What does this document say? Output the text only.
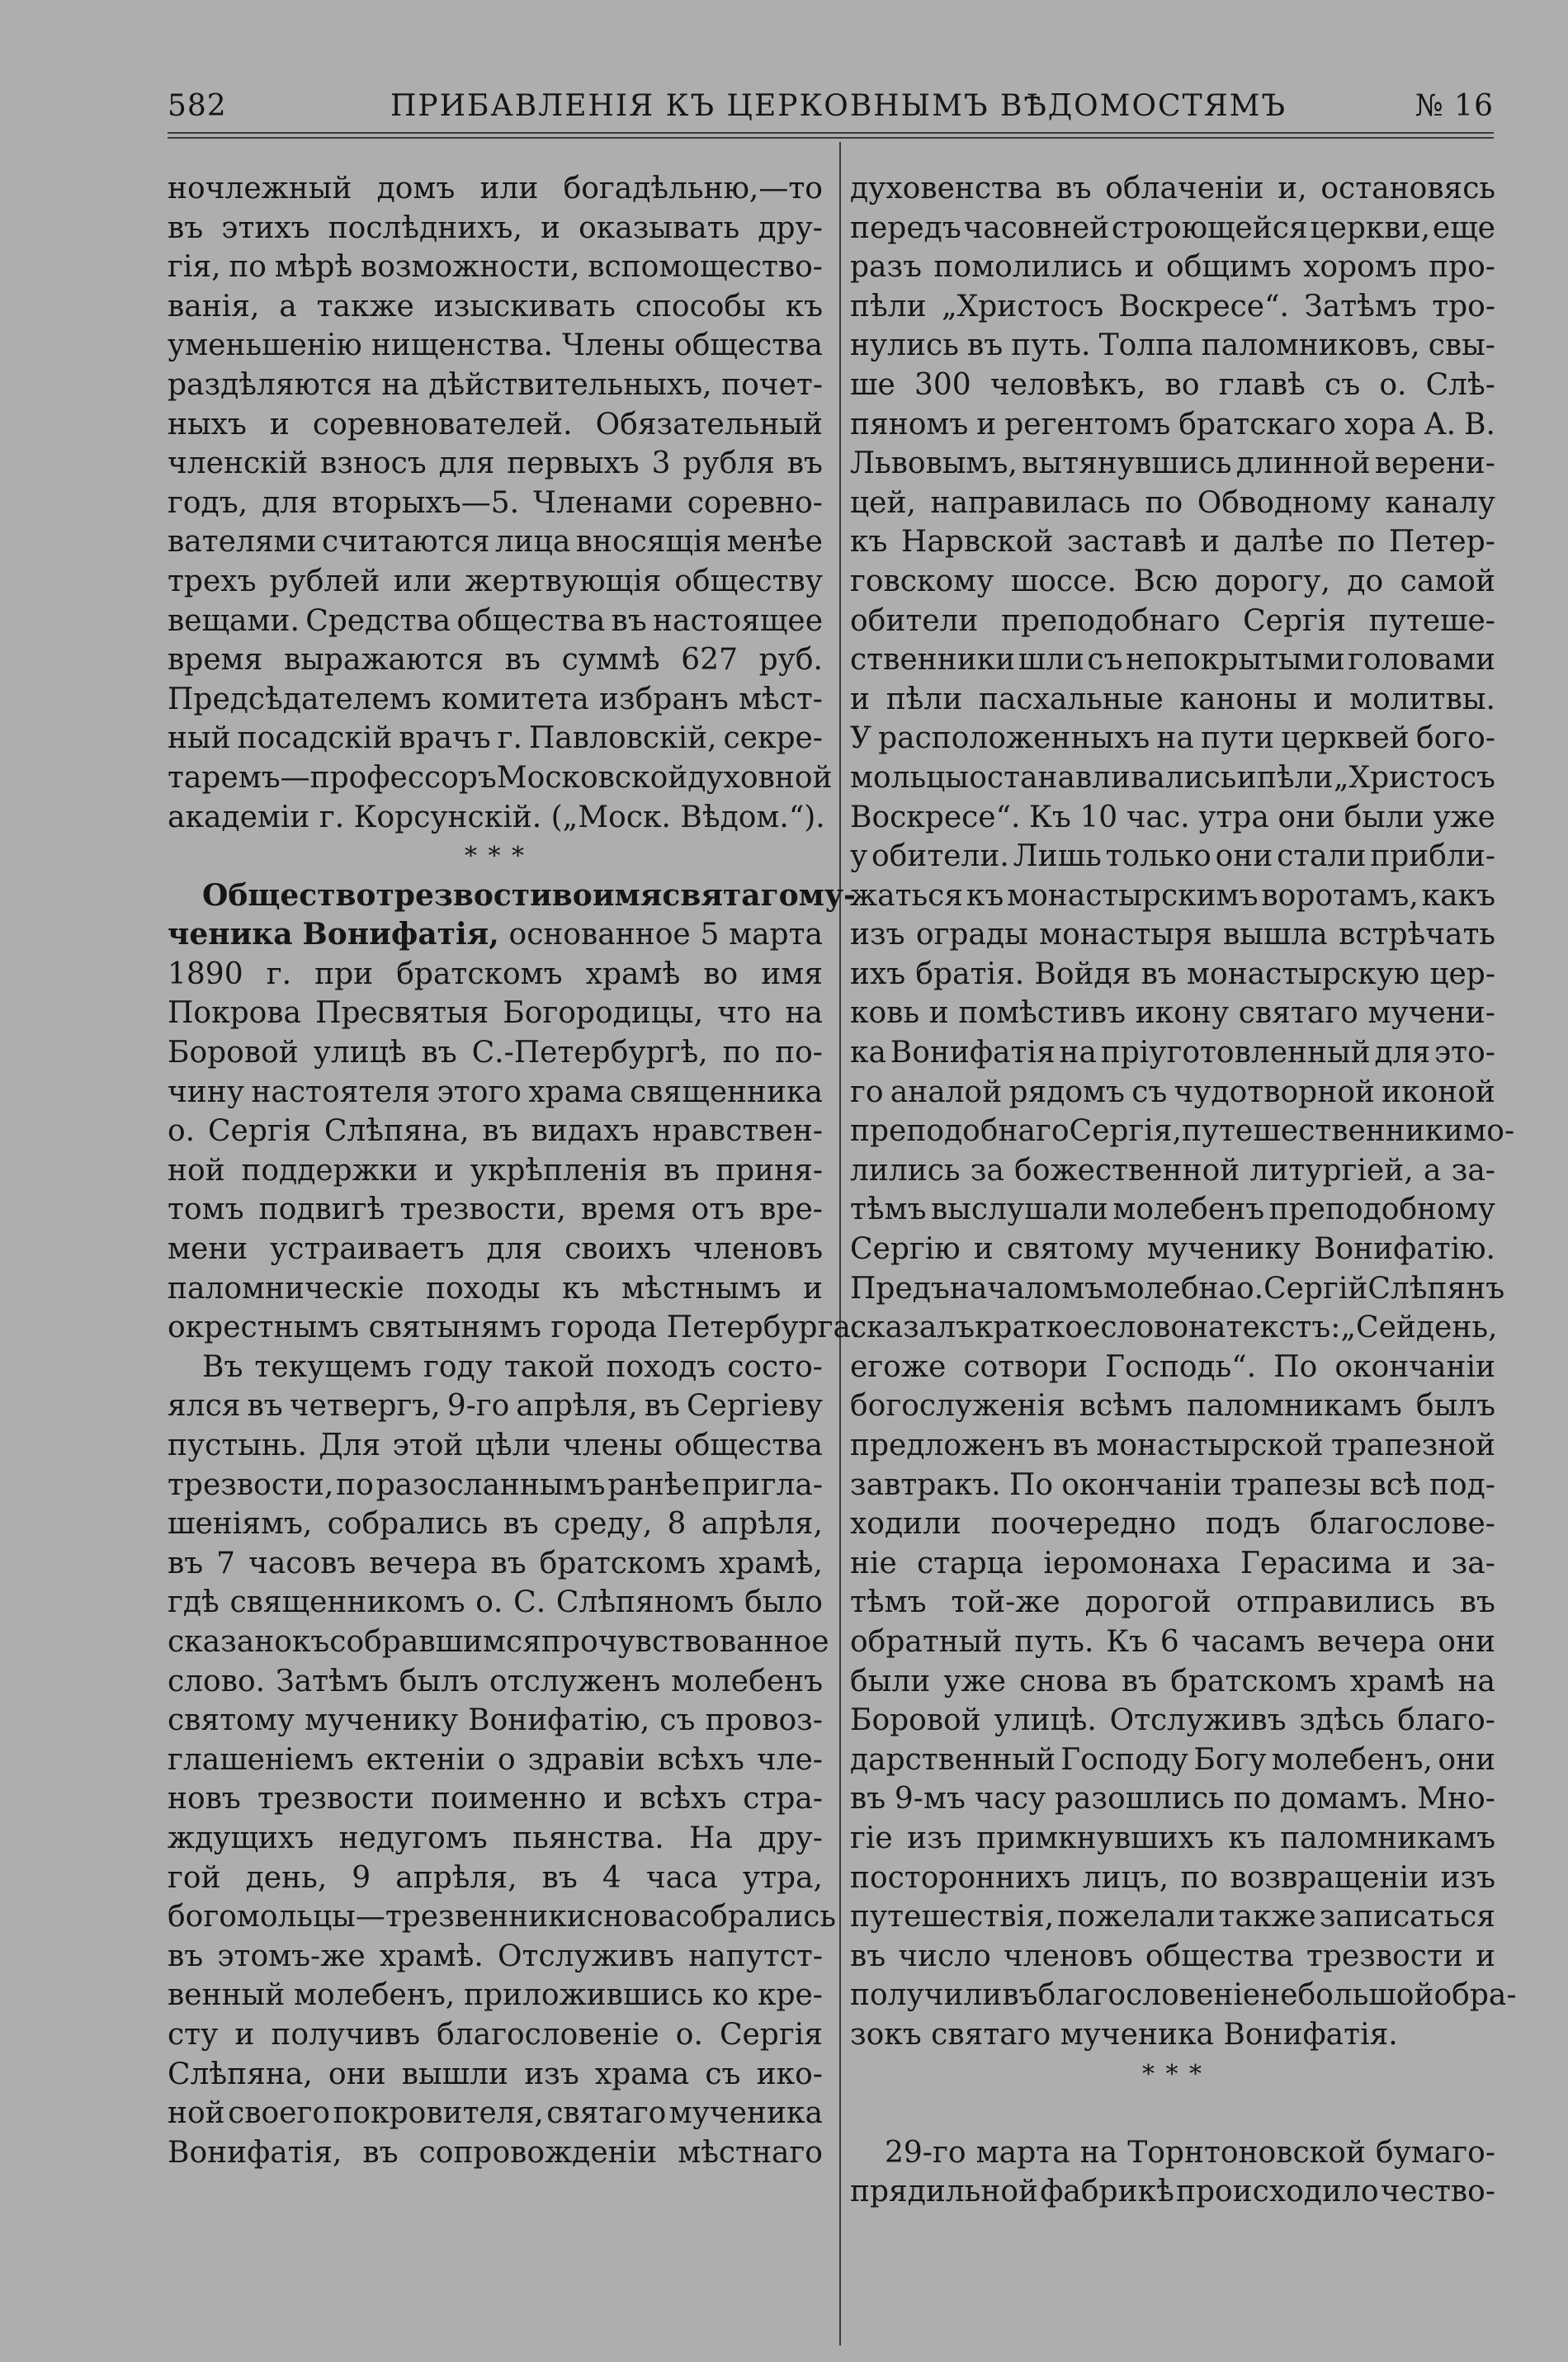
582	ПРИБАВЛЕНІЯ КЪ ЦЕРКОВНЫМЪ ВѢДОМОСТЯМЪ	№ 16
ночлежный домъ или богадѣльню,—то
въ этихъ послѣднихъ, и оказывать дру-
гія, по мѣрѣ возможности, вспомоществo-
ванія, а также изыскивать способы къ
уменьшенію нищенства. Члены общества
раздѣляются на дѣйствительныхъ, почет-
ныхъ и соревнователей. Обязательный
членскій взносъ для первыхъ 3 рубля въ
годъ, для вторыхъ—5. Членами соревно-
вателями считаются лица вносящія менѣе
трехъ рублей или жертвующія обществу
вещами. Средства общества въ настоящее
время выражаются въ суммѣ 627 руб.
Предсѣдателемъ комитета избранъ мѣст-
ный посадскій врачъ г. Павловскій, секре-
таремъ—профессоръ Московской духовной
академіи
г.
Корсунскій.
(„Моск.
Вѣдом.“).
* * *
Общество трезвости во имя святаго му-
ченика Вонифатія, основанное 5 марта
1890 г. при братскомъ храмѣ во имя
Покрова Пресвятыя Богородицы, что на
Боровой улицѣ въ С.-Петербургѣ, по по-
чину настоятеля этого храма священника
о. Сергія Слѣпяна, въ видахъ нравствен-
ной поддержки и укрѣпленія въ приня-
томъ подвигѣ трезвости, время отъ вре-
мени устраиваетъ для своихъ членовъ
паломническіе походы къ мѣстнымъ и
окрестнымъ
святынямъ
города
Петербурга.
Въ текущемъ году такой походъ состо-
ялся въ четвергъ, 9-го апрѣля, въ Сергіеву
пустынь. Для этой цѣли члены общества
трезвости, по разосланнымъ ранѣе пригла-
шеніямъ, собрались въ среду, 8 апрѣля,
въ 7 часовъ вечера въ братскомъ храмѣ,
гдѣ священникомъ о. С. Слѣпяномъ было
сказано къ собравшимся прочувствованное
слово. Затѣмъ былъ отслуженъ молебенъ
святому мученику Вонифатію, съ провоз-
глашеніемъ ектеніи о здравіи всѣхъ чле-
новъ трезвости поименно и всѣхъ стра-
ждущихъ недугомъ пьянства. На дру-
гой день, 9 апрѣля, въ 4 часа утра,
богомольцы—трезвенники снова собрались
въ этомъ-же храмѣ. Отслуживъ напутст-
венный молебенъ, приложившись ко кре-
сту и получивъ благословеніе о. Сергія
Слѣпяна, они вышли изъ храма съ ико-
ной своего покровителя, святаго мученика
Вонифатія, въ сопровожденіи мѣстнаго
духовенства въ облаченіи и, остановясь
передъ часовней строющейся церкви, еще
разъ помолились и общимъ хоромъ про-
пѣли „Христосъ Воскресе“. Затѣмъ тро-
нулись въ путь. Толпа паломниковъ, свы-
ше 300 человѣкъ, во главѣ съ о. Слѣ-
пяномъ и регентомъ братскаго хора А. В.
Львовымъ, вытянувшись длинной верени-
цей, направилась по Обводному каналу
къ Нарвской заставѣ и далѣе по Петер-
говскому шоссе. Всю дорогу, до самой
обители преподобнаго Сергія путеше-
ственники шли съ непокрытыми головами
и пѣли пасхальные каноны и молитвы.
У расположенныхъ на пути церквей бого-
мольцы останавливались и пѣли „Христосъ
Воскресе“. Къ 10 час. утра они были уже
у обители. Лишь только они стали прибли-
жаться къ монастырскимъ воротамъ, какъ
изъ ограды монастыря вышла встрѣчать
ихъ братія. Войдя въ монастырскую цер-
ковь и помѣстивъ икону святаго мучени-
ка Вонифатія на пріуготовленный для это-
го аналой рядомъ съ чудотворной иконой
преподобнаго Сергія, путешественники мо-
лились за божественной литургіей, а за-
тѣмъ выслушали молебенъ преподобному
Сергію и святому мученику Вонифатію.
Предъ началомъ молебна о. Сергій Слѣпянъ
сказалъ краткое слово на текстъ: „Сей день,
егоже сотвори Господь“. По окончаніи
богослуженія всѣмъ паломникамъ былъ
предложенъ въ монастырской трапезной
завтракъ. По окончаніи трапезы всѣ под-
ходили поочередно подъ благослове-
ніе старца іеромонаха Герасима и за-
тѣмъ той-же дорогой отправились въ
обратный путь. Къ 6 часамъ вечера они
были уже снова въ братскомъ храмѣ на
Боровой улицѣ. Отслуживъ здѣсь благо-
дарственный Господу Богу молебенъ, они
въ 9-мъ часу разошлись по домамъ. Мно-
гіе изъ примкнувшихъ къ паломникамъ
постороннихъ лицъ, по возвращеніи изъ
путешествія, пожелали также записаться
въ число членовъ общества трезвости и
получили въ благословеніе небольшой обра-
зокъ
святаго
мученика
Вонифатія.
* * *
29-го марта на Торнтоновской бумаго-
прядильной фабрикѣ происходило чество-
